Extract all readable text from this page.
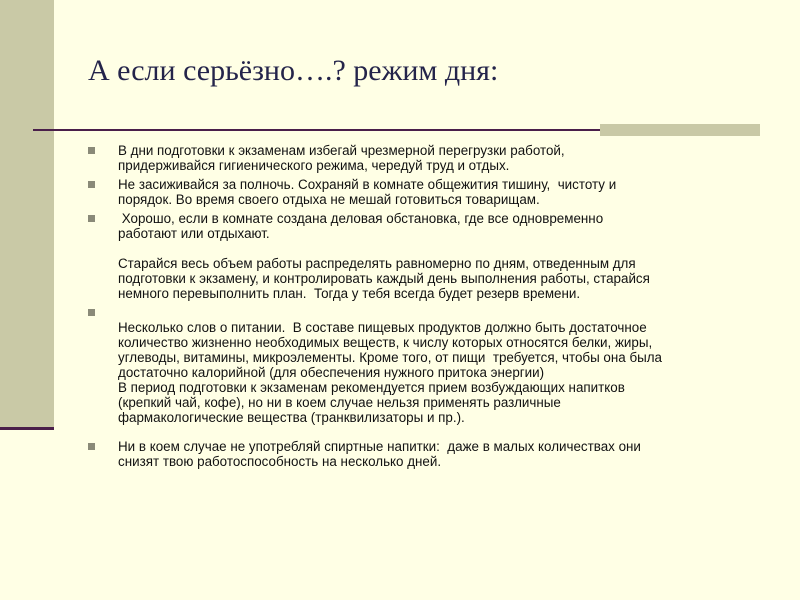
А если серьёзно….? режим дня:

В дни подготовки к экзаменам избегай чрезмерной перегрузки работой,
придерживайся гигиенического режима, чередуй труд и отдых.

Не засиживайся за полночь. Сохраняй в комнате общежития тишину,  чистоту и
порядок. Во время своего отдыха не мешай готовиться товарищам.

Хорошо, если в комнате создана деловая обстановка, где все одновременно
работают или отдыхают.

Старайся весь объем работы распределять равномерно по дням, отведенным для
подготовки к экзамену, и контролировать каждый день выполнения работы, старайся
немного перевыполнить план.  Тогда у тебя всегда будет резерв времени.

Несколько слов о питании.  В составе пищевых продуктов должно быть достаточное
количество жизненно необходимых веществ, к числу которых относятся белки, жиры,
углеводы, витамины, микроэлементы. Кроме того, от пищи  требуется, чтобы она была
достаточно калорийной (для обеспечения нужного притока энергии)
В период подготовки к экзаменам рекомендуется прием возбуждающих напитков
(крепкий чай, кофе), но ни в коем случае нельзя применять различные
фармакологические вещества (транквилизаторы и пр.).

Ни в коем случае не употребляй спиртные напитки:  даже в малых количествах они
снизят твою работоспособность на несколько дней.
